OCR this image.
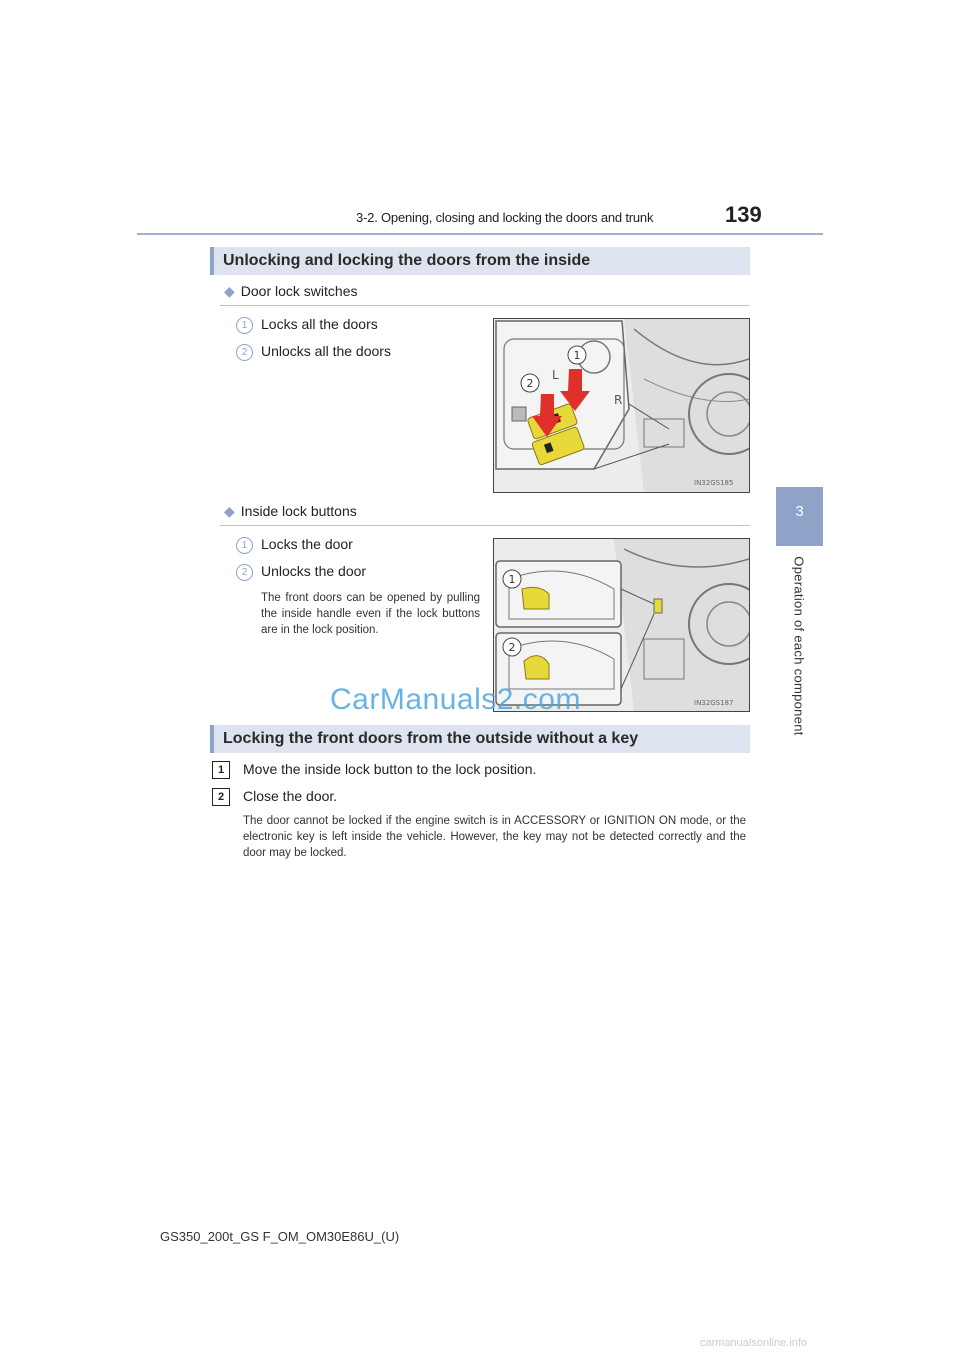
3-2. Opening, closing and locking the doors and trunk	139
3
Operation of each component
Unlocking and locking the doors from the inside
◆ Door lock switches
1 Locks all the doors
2 Unlocks all the doors
L
R
1
2
IN32GS185
◆ Inside lock buttons
1 Locks the door
2 Unlocks the door
The front doors can be opened by pulling the inside handle even if the lock buttons are in the lock position.
1
2
IN32GS187
CarManuals2.com
Locking the front doors from the outside without a key
1	Move the inside lock button to the lock position.
2	Close the door.
The door cannot be locked if the engine switch is in ACCESSORY or IGNITION ON mode, or the electronic key is left inside the vehicle. However, the key may not be detected correctly and the door may be locked.
GS350_200t_GS F_OM_OM30E86U_(U)
carmanualsonline.info
